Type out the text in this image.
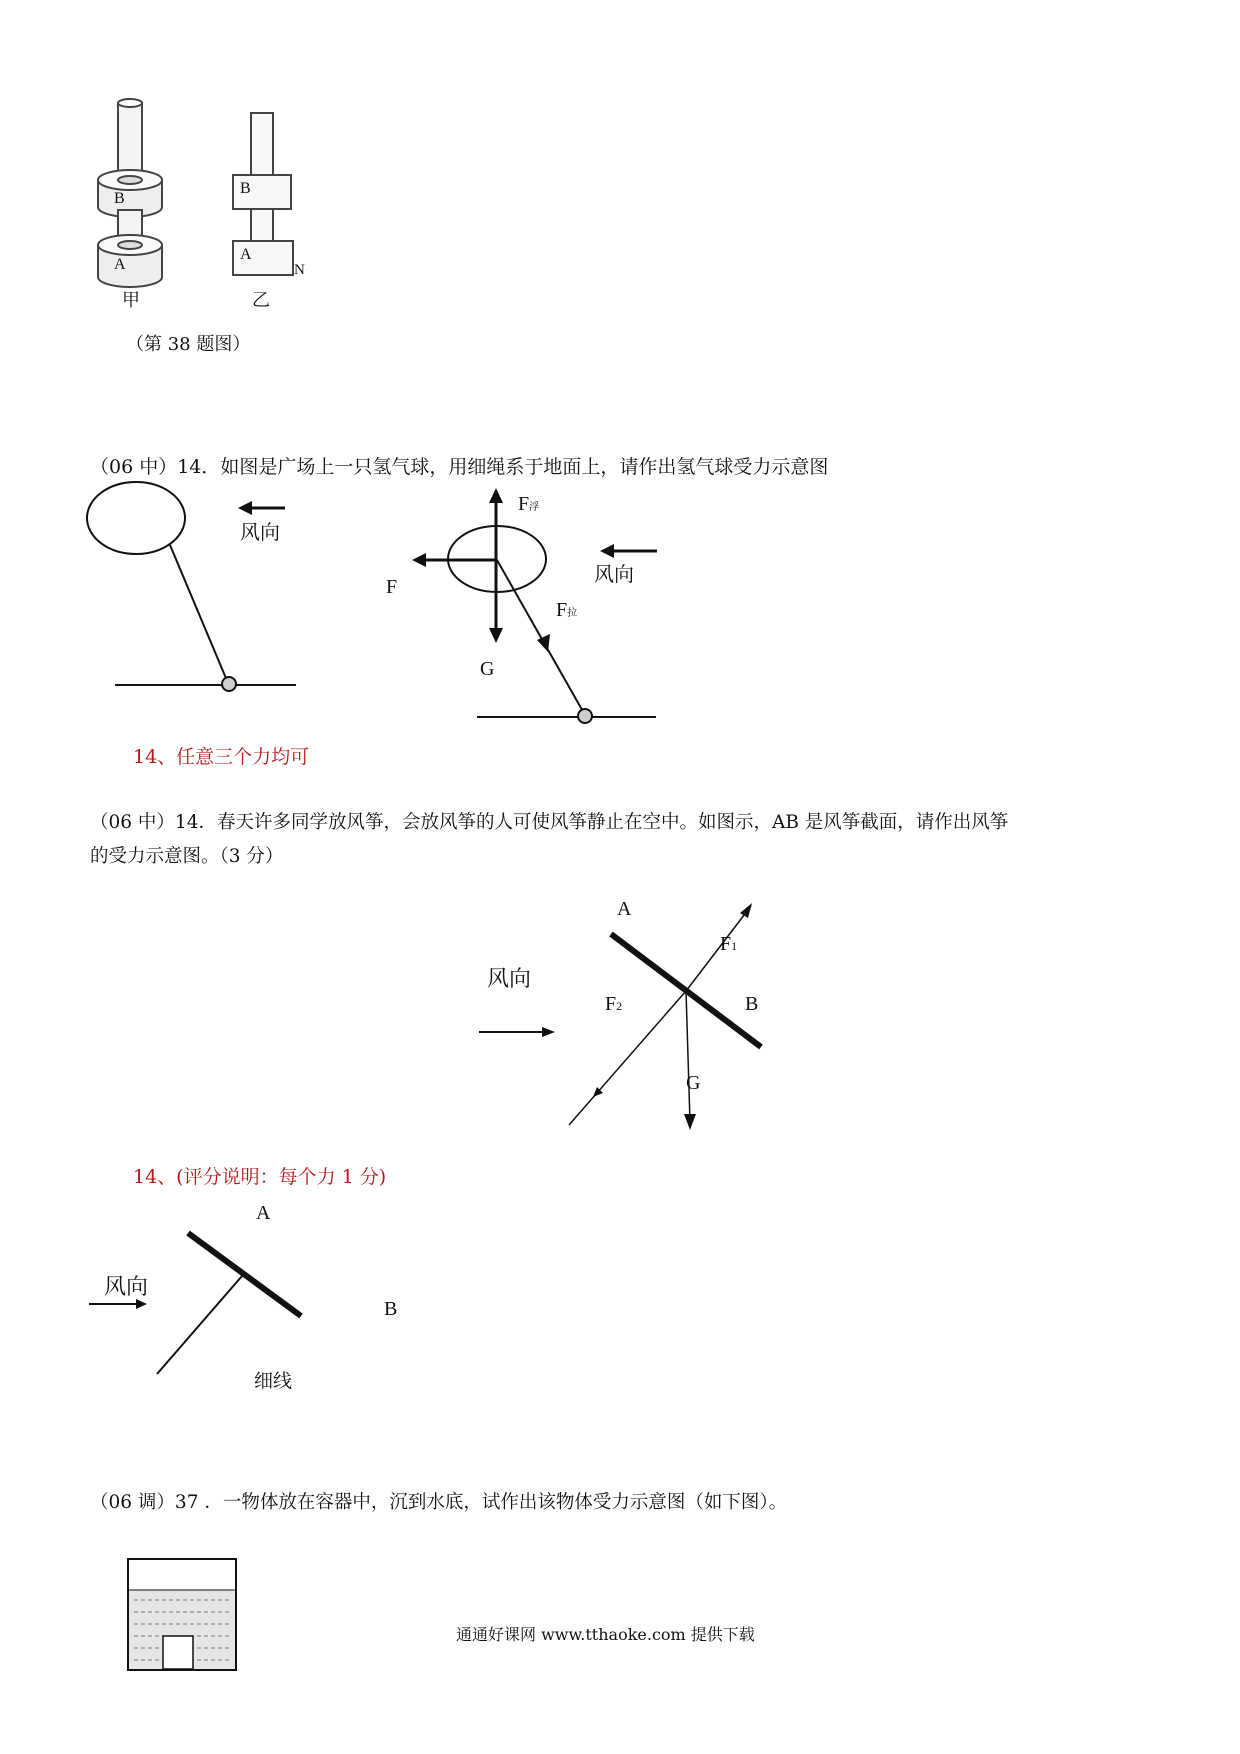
B
A
B
A
N
甲	乙
（第 38 题图）
（06 中）14．如图是广场上一只氢气球，用细绳系于地面上，请作出氢气球受力示意图
风向
F浮
F
F拉
G
风向
14、任意三个力均可
（06 中）14．春天许多同学放风筝，会放风筝的人可使风筝静止在空中。如图示，AB 是风筝截面，请作出风筝
的受力示意图。（3 分）
A
F1
风向
F2	B
G
14、(评分说明：每个力 1 分)
A
风向
B
细线
（06 调）37 ．一物体放在容器中，沉到水底，试作出该物体受力示意图（如下图）。
通通好课网 www.tthaoke.com 提供下载
